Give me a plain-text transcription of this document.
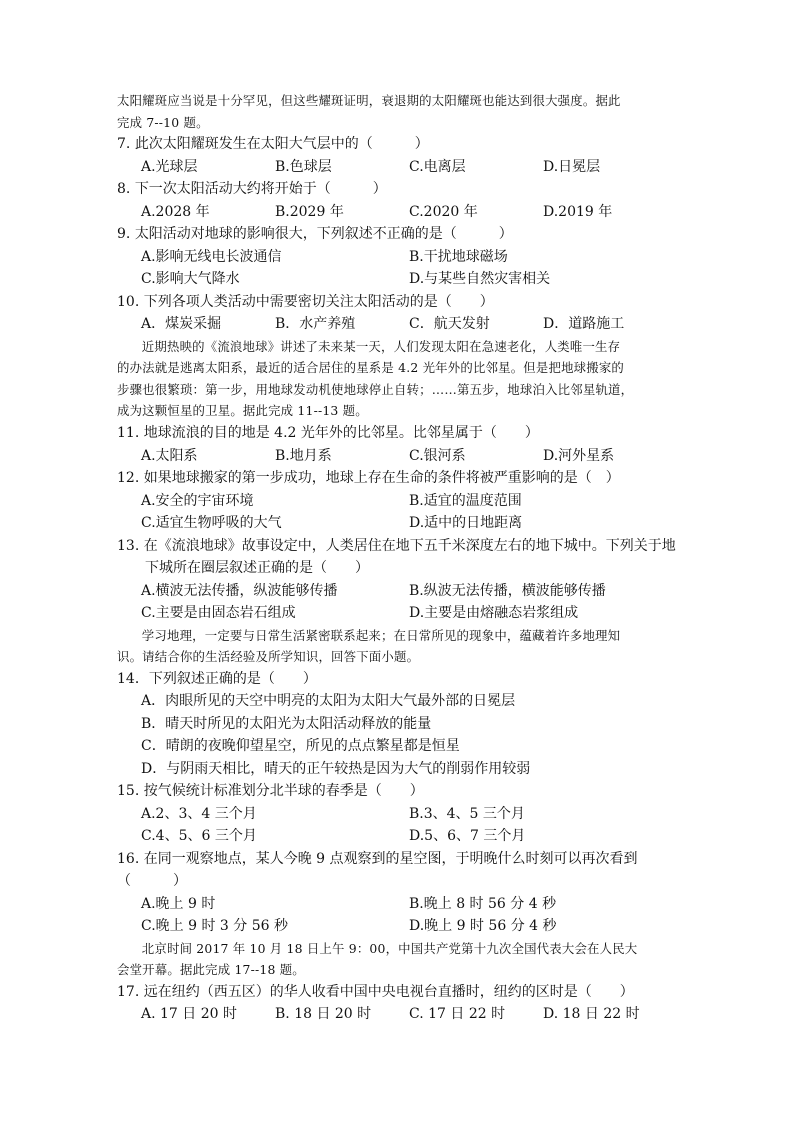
太阳耀斑应当说是十分罕见，但这些耀斑证明，衰退期的太阳耀斑也能达到很大强度。据此

完成 7--10 题。

7. 此次太阳耀斑发生在太阳大气层中的（　　　）
A.光球层	B.色球层	C.电离层	D.日冕层
8. 下一次太阳活动大约将开始于（　　　）
A.2028 年	B.2029 年	C.2020 年	D.2019 年
9. 太阳活动对地球的影响很大，下列叙述不正确的是（　　　）
A.影响无线电长波通信	B.干扰地球磁场
C.影响大气降水	D.与某些自然灾害相关
10. 下列各项人类活动中需要密切关注太阳活动的是（　　）
A．煤炭采掘	B．水产养殖	C．航天发射	D．道路施工

近期热映的《流浪地球》讲述了未来某一天，人们发现太阳在急速老化，人类唯一生存

的办法就是逃离太阳系，最近的适合居住的星系是 4.2 光年外的比邻星。但是把地球搬家的

步骤也很繁琐：第一步，用地球发动机使地球停止自转；……第五步，地球泊入比邻星轨道，

成为这颗恒星的卫星。据此完成 11--13 题。

11. 地球流浪的目的地是 4.2 光年外的比邻星。比邻星属于（　　）
A.太阳系	B.地月系	C.银河系	D.河外星系
12. 如果地球搬家的第一步成功，地球上存在生命的条件将被严重影响的是（　）
A.安全的宇宙环境	B.适宜的温度范围
C.适宜生物呼吸的大气	D.适中的日地距离
13. 在《流浪地球》故事设定中，人类居住在地下五千米深度左右的地下城中。下列关于地
下城所在圈层叙述正确的是（　　）
A.横波无法传播，纵波能够传播	B.纵波无法传播，横波能够传播
C.主要是由固态岩石组成	D.主要是由熔融态岩浆组成

学习地理，一定要与日常生活紧密联系起来；在日常所见的现象中，蕴藏着许多地理知

识。请结合你的生活经验及所学知识，回答下面小题。

14．下列叙述正确的是（　　）
A．肉眼所见的天空中明亮的太阳为太阳大气最外部的日冕层
B．晴天时所见的太阳光为太阳活动释放的能量
C．晴朗的夜晚仰望星空，所见的点点繁星都是恒星
D．与阴雨天相比，晴天的正午较热是因为大气的削弱作用较弱
15. 按气候统计标准划分北半球的春季是（　　）
A.2、3、4 三个月	B.3、4、5 三个月
C.4、5、6 三个月	D.5、6、7 三个月
16. 在同一观察地点，某人今晚 9 点观察到的星空图，于明晚什么时刻可以再次看到
（　　　）
A.晚上 9 时	B.晚上 8 时 56 分 4 秒
C.晚上 9 时 3 分 56 秒	D.晚上 9 时 56 分 4 秒

北京时间 2017 年 10 月 18 日上午 9：00，中国共产党第十九次全国代表大会在人民大

会堂开幕。据此完成 17--18 题。

17. 远在纽约（西五区）的华人收看中国中央电视台直播时，纽约的区时是（　　）
A. 17 日 20 时	B. 18 日 20 时	C. 17 日 22 时	D. 18 日 22 时
